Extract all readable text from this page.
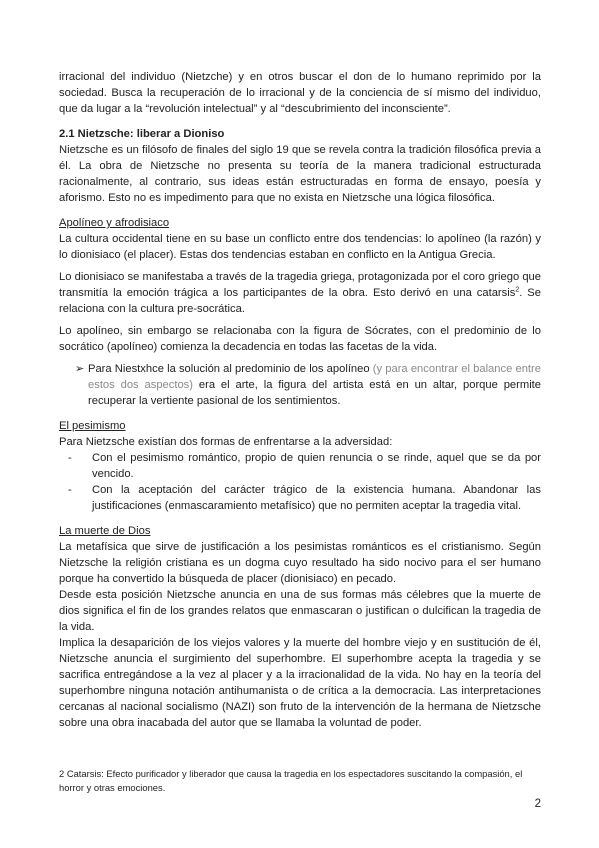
irracional del individuo (Nietzche) y en otros buscar el don de lo humano reprimido por la sociedad. Busca la recuperación de lo irracional y de la conciencia de sí mismo del individuo, que da lugar a la “revolución intelectual” y al “descubrimiento del inconsciente”.

2.1 Nietzsche: liberar a Dioniso

Nietzsche es un filósofo de finales del siglo 19 que se revela contra la tradición filosófica previa a él. La obra de Nietzsche no presenta su teoría de la manera tradicional estructurada racionalmente, al contrario, sus ideas están estructuradas en forma de ensayo, poesía y aforismo. Esto no es impedimento para que no exista en Nietzsche una lógica filosófica.

Apolíneo y afrodisiaco

La cultura occidental tiene en su base un conflicto entre dos tendencias: lo apolíneo (la razón) y lo dionisiaco (el placer). Estas dos tendencias estaban en conflicto en la Antigua Grecia.

Lo dionisiaco se manifestaba a través de la tragedia griega, protagonizada por el coro griego que transmitía la emoción trágica a los participantes de la obra. Esto derivó en una catarsis$^2$. Se relaciona con la cultura pre-socrática.

Lo apolíneo, sin embargo se relacionaba con la figura de Sócrates, con el predominio de lo socrático (apolíneo) comienza la decadencia en todas las facetas de la vida.

➢ Para Niestxhce la solución al predominio de los apolíneo (y para encontrar el balance entre estos dos aspectos) era el arte, la figura del artista está en un altar, porque permite recuperar la vertiente pasional de los sentimientos.

El pesimismo

Para Nietzsche existían dos formas de enfrentarse a la adversidad:

-	Con el pesimismo romántico, propio de quien renuncia o se rinde, aquel que se da por vencido.
-	Con la aceptación del carácter trágico de la existencia humana. Abandonar las justificaciones (enmascaramiento metafísico) que no permiten aceptar la tragedia vital.

La muerte de Dios

La metafísica que sirve de justificación a los pesimistas románticos es el cristianismo. Según Nietzsche la religión cristiana es un dogma cuyo resultado ha sido nocivo para el ser humano porque ha convertido la búsqueda de placer (dionisiaco) en pecado.

Desde esta posición Nietzsche anuncia en una de sus formas más célebres que la muerte de dios significa el fin de los grandes relatos que enmascaran o justifican o dulcifican la tragedia de la vida.

Implica la desaparición de los viejos valores y la muerte del hombre viejo y en sustitución de él, Nietzsche anuncia el surgimiento del superhombre. El superhombre acepta la tragedia y se sacrifica entregándose a la vez al placer y a la irracionalidad de la vida. No hay en la teoría del superhombre ninguna notación antihumanista o de crítica a la democracia. Las interpretaciones cercanas al nacional socialismo (NAZI) son fruto de la intervención de la hermana de Nietzsche sobre una obra inacabada del autor que se llamaba la voluntad de poder.

2 Catarsis: Efecto purificador y liberador que causa la tragedia en los espectadores suscitando la compasión, el horror y otras emociones.
2
